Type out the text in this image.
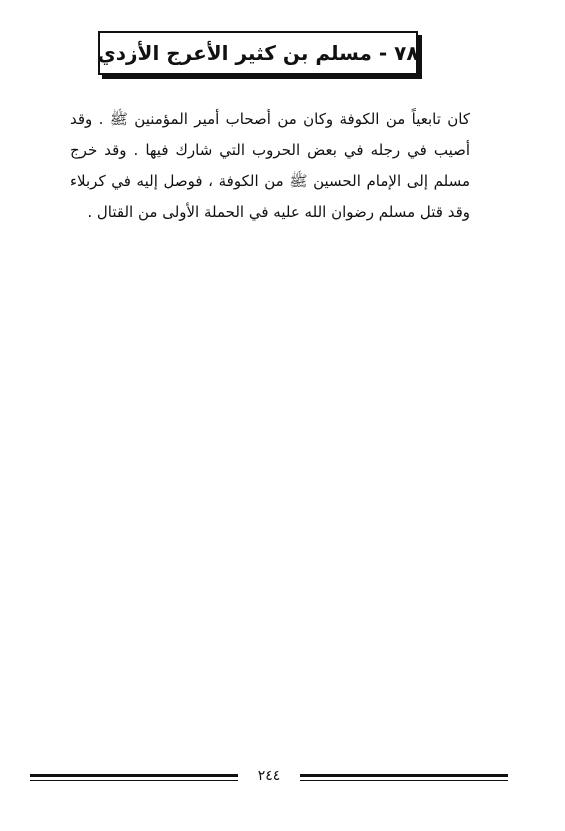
٧٨ - مسلم بن كثير الأعرج الأزدي

كان تابعياً من الكوفة وكان من أصحاب أمير المؤمنين ﷺ . وقد أصيب في رجله في بعض الحروب التي شارك فيها . وقد خرج مسلم إلى الإمام الحسين ﷺ من الكوفة ، فوصل إليه في كربلاء وقد قتل مسلم رضوان الله عليه في الحملة الأولى من القتال .

٢٤٤
